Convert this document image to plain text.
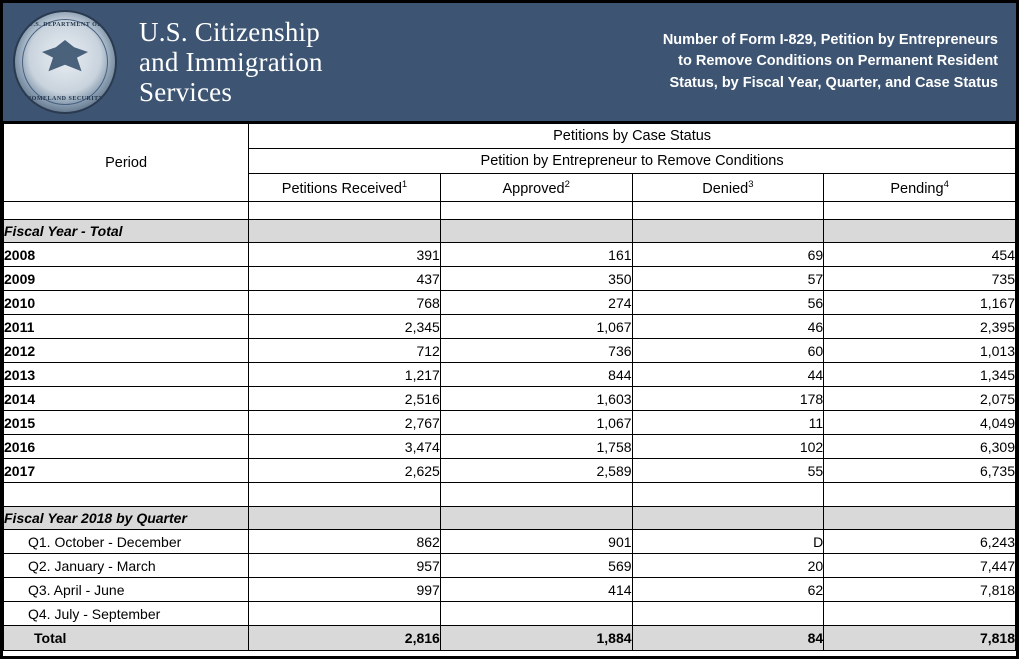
U.S. DEPARTMENT OF
HOMELAND SECURITY
U.S. Citizenship
and Immigration
Services
Number of Form I-829, Petition by Entrepreneurs
to Remove Conditions on Permanent Resident
Status, by Fiscal Year, Quarter, and Case Status
Period	Petitions by Case Status			
	Petition by Entrepreneur to Remove Conditions			
	Petitions Received$^1$	Approved$^2$	Denied$^3$	Pending$^4$

Fiscal Year - Total				
2008	391	161	69	454
2009	437	350	57	735
2010	768	274	56	1,167
2011	2,345	1,067	46	2,395
2012	712	736	60	1,013
2013	1,217	844	44	1,345
2014	2,516	1,603	178	2,075
2015	2,767	1,067	11	4,049
2016	3,474	1,758	102	6,309
2017	2,625	2,589	55	6,735

Fiscal Year 2018 by Quarter				
Q1. October - December	862	901	D	6,243
Q2. January - March	957	569	20	7,447
Q3. April - June	997	414	62	7,818
Q4. July - September				
Total	2,816	1,884	84	7,818
